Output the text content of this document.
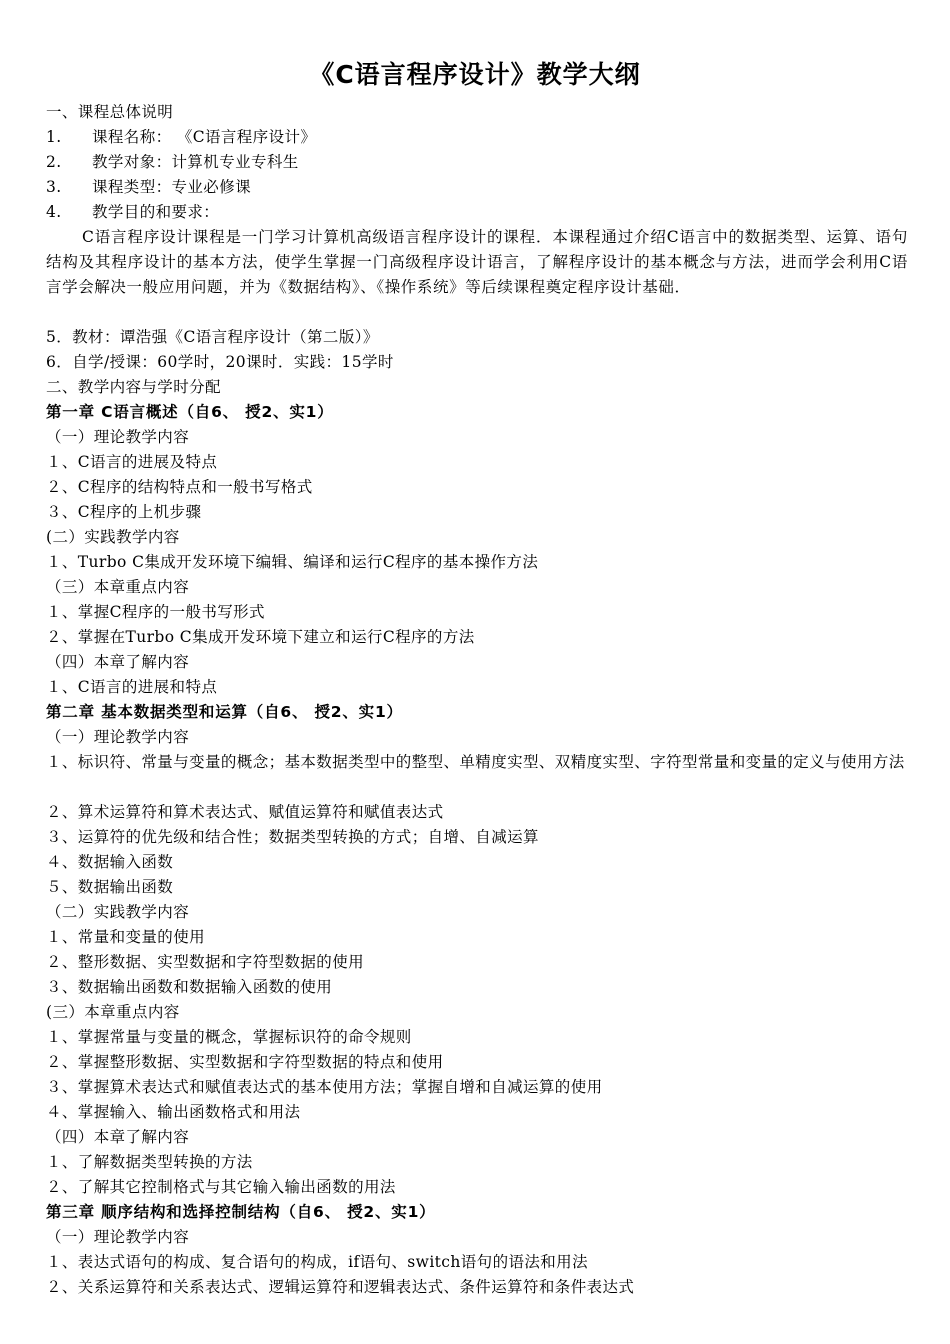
《C语言程序设计》教学大纲
一、课程总体说明
1. 课程名称： 《C语言程序设计》
2. 教学对象：计算机专业专科生
3. 课程类型：专业必修课
4. 教学目的和要求：
C语言程序设计课程是一门学习计算机高级语言程序设计的课程．本课程通过介绍C语言中的数据类型、运算、语句结构及其程序设计的基本方法，使学生掌握一门高级程序设计语言，了解程序设计的基本概念与方法，进而学会利用C语言学会解决一般应用问题，并为《数据结构》、《操作系统》等后续课程奠定程序设计基础．
5．教材：谭浩强《C语言程序设计（第二版）》
6．自学/授课：60学时，20课时．实践：15学时
二、教学内容与学时分配
第一章 C语言概述（自6、 授2、实1）
（一）理论教学内容
１、C语言的进展及特点
２、C程序的结构特点和一般书写格式
３、C程序的上机步骤
(二）实践教学内容
１、Turbo C集成开发环境下编辑、编译和运行C程序的基本操作方法
（三）本章重点内容
１、掌握C程序的一般书写形式
２、掌握在Turbo C集成开发环境下建立和运行C程序的方法
（四）本章了解内容
１、C语言的进展和特点
第二章 基本数据类型和运算（自6、 授2、实1）
（一）理论教学内容
１、标识符、常量与变量的概念；基本数据类型中的整型、单精度实型、双精度实型、字符型常量和变量的定义与使用方法
２、算术运算符和算术表达式、赋值运算符和赋值表达式
３、运算符的优先级和结合性；数据类型转换的方式；自增、自减运算
４、数据输入函数
５、数据输出函数
（二）实践教学内容
１、常量和变量的使用
２、整形数据、实型数据和字符型数据的使用
３、数据输出函数和数据输入函数的使用
(三）本章重点内容
１、掌握常量与变量的概念，掌握标识符的命令规则
２、掌握整形数据、实型数据和字符型数据的特点和使用
３、掌握算术表达式和赋值表达式的基本使用方法；掌握自增和自减运算的使用
４、掌握输入、输出函数格式和用法
（四）本章了解内容
１、了解数据类型转换的方法
２、了解其它控制格式与其它输入输出函数的用法
第三章 顺序结构和选择控制结构（自6、 授2、实1）
（一）理论教学内容
１、表达式语句的构成、复合语句的构成，if语句、switch语句的语法和用法
２、关系运算符和关系表达式、逻辑运算符和逻辑表达式、条件运算符和条件表达式
